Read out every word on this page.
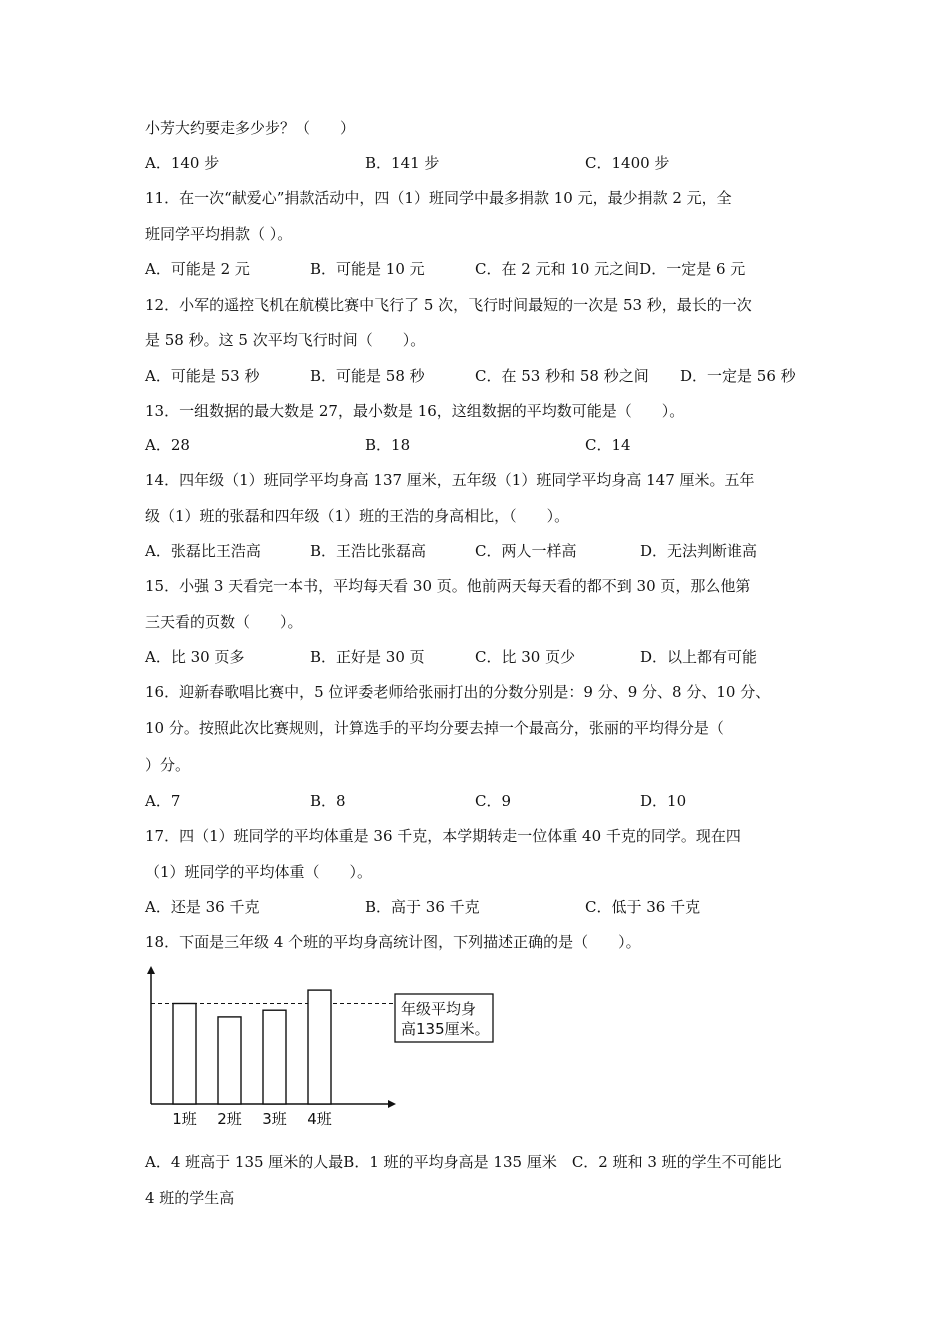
小芳大约要走多少步？（　　）
A．140 步	B．141 步	C．1400 步
11．在一次“献爱心”捐款活动中，四（1）班同学中最多捐款 10 元，最少捐款 2 元，全
班同学平均捐款（ ）。
A．可能是 2 元	B．可能是 10 元	C．在 2 元和 10 元之间D．一定是 6 元
12．小军的遥控飞机在航模比赛中飞行了 5 次，飞行时间最短的一次是 53 秒，最长的一次
是 58 秒。这 5 次平均飞行时间（　　）。
A．可能是 53 秒	B．可能是 58 秒	C．在 53 秒和 58 秒之间 D．一定是 56 秒
13．一组数据的最大数是 27，最小数是 16，这组数据的平均数可能是（　　）。
A．28	B．18	C．14
14．四年级（1）班同学平均身高 137 厘米，五年级（1）班同学平均身高 147 厘米。五年
级（1）班的张磊和四年级（1）班的王浩的身高相比，（　　）。
A．张磊比王浩高	B．王浩比张磊高	C．两人一样高	D．无法判断谁高
15．小强 3 天看完一本书，平均每天看 30 页。他前两天每天看的都不到 30 页，那么他第
三天看的页数（　　）。
A．比 30 页多	B．正好是 30 页	C．比 30 页少	D．以上都有可能
16．迎新春歌唱比赛中，5 位评委老师给张丽打出的分数分别是：9 分、9 分、8 分、10 分、
10 分。按照此次比赛规则，计算选手的平均分要去掉一个最高分，张丽的平均得分是（
）分。
A．7	B．8	C．9	D．10
17．四（1）班同学的平均体重是 36 千克，本学期转走一位体重 40 千克的同学。现在四
（1）班同学的平均体重（　　）。
A．还是 36 千克	B．高于 36 千克	C．低于 36 千克
18．下面是三年级 4 个班的平均身高统计图，下列描述正确的是（　　）。
1班 2班 3班 4班
年级平均身
高135厘米。
A．4 班高于 135 厘米的人最B．1 班的平均身高是 135 厘米　C．2 班和 3 班的学生不可能比
4 班的学生高
